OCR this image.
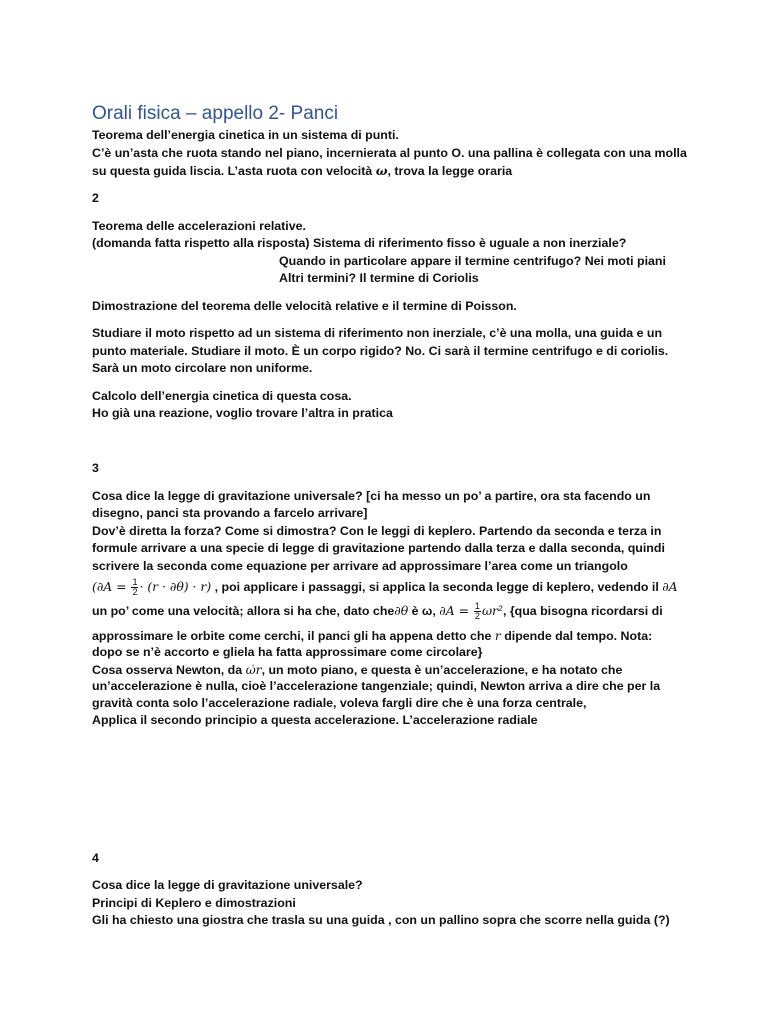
Orali fisica – appello 2- Panci
Teorema dell’energia cinetica in un sistema di punti.
C’è un’asta che ruota stando nel piano, incernierata al punto O. una pallina è collegata con una molla
su questa guida liscia. L’asta ruota con velocità ω, trova la legge oraria
2
Teorema delle accelerazioni relative.
(domanda fatta rispetto alla risposta) Sistema di riferimento fisso è uguale a non inerziale?
Quando in particolare appare il termine centrifugo? Nei moti piani
Altri termini? Il termine di Coriolis
Dimostrazione del teorema delle velocità relative e il termine di Poisson.
Studiare il moto rispetto ad un sistema di riferimento non inerziale, c’è una molla, una guida e un
punto materiale. Studiare il moto. È un corpo rigido? No. Ci sarà il termine centrifugo e di coriolis.
Sarà un moto circolare non uniforme.
Calcolo dell’energia cinetica di questa cosa.
Ho già una reazione, voglio trovare l’altra in pratica
3
Cosa dice la legge di gravitazione universale? [ci ha messo un po’ a partire, ora sta facendo un
disegno, panci sta provando a farcelo arrivare]
Dov’è diretta la forza? Come si dimostra? Con le leggi di keplero. Partendo da seconda e terza in
formule arrivare a una specie di legge di gravitazione partendo dalla terza e dalla seconda, quindi
scrivere la seconda come equazione per arrivare ad approssimare l’area come un triangolo
$(\partial A = \frac{1}{2} \cdot (r \cdot \partial\theta) \cdot r)$ , poi applicare i passaggi, si applica la seconda legge di keplero, vedendo il ∂A
un po’ come una velocità; allora si ha che, dato che∂θ è ω, $\partial A = \frac{1}{2} \omega r^2$, {qua bisogna ricordarsi di
approssimare le orbite come cerchi, il panci gli ha appena detto che r dipende dal tempo. Nota:
dopo se n’è accorto e gliela ha fatta approssimare come circolare}
Cosa osserva Newton, da ω̇r, un moto piano, e questa è un’accelerazione, e ha notato che
un’accelerazione è nulla, cioè l’accelerazione tangenziale; quindi, Newton arriva a dire che per la
gravità conta solo l’accelerazione radiale, voleva fargli dire che è una forza centrale,
Applica il secondo principio a questa accelerazione. L’accelerazione radiale
4
Cosa dice la legge di gravitazione universale?
Principi di Keplero e dimostrazioni
Gli ha chiesto una giostra che trasla su una guida , con un pallino sopra che scorre nella guida (?)
